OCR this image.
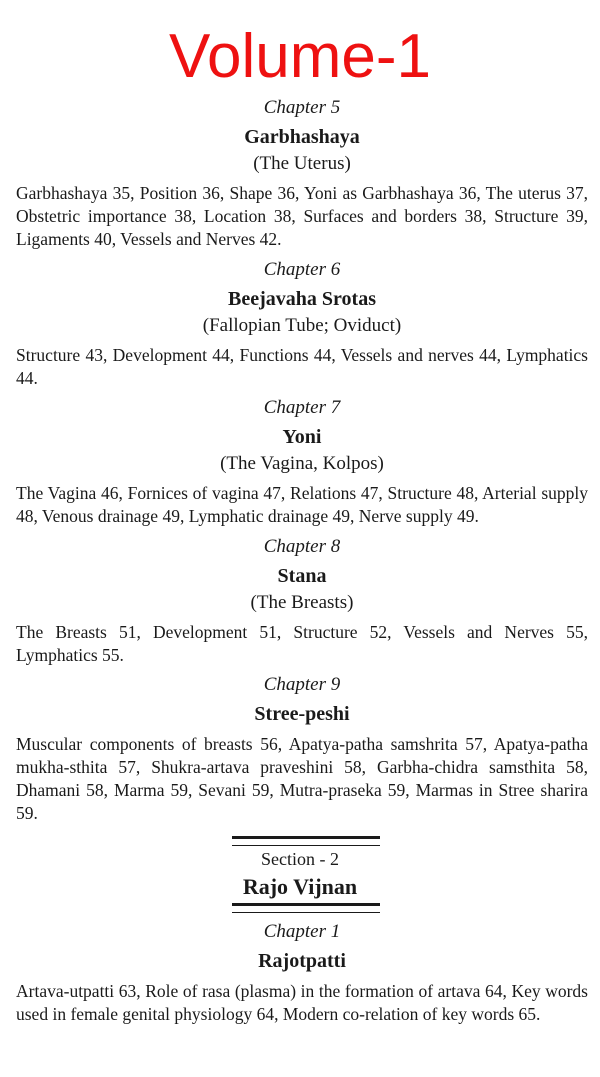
Volume-1
Chapter 5
Garbhashaya
(The Uterus)
Garbhashaya 35, Position 36, Shape 36, Yoni as Garbhashaya 36, The uterus 37, Obstetric importance 38, Location 38, Surfaces and borders 38, Structure 39, Ligaments 40, Vessels and Nerves 42.
Chapter 6
Beejavaha Srotas
(Fallopian Tube; Oviduct)
Structure 43, Development 44, Functions 44, Vessels and nerves 44, Lymphatics 44.
Chapter 7
Yoni
(The Vagina, Kolpos)
The Vagina 46, Fornices of vagina 47, Relations 47, Structure 48, Arterial supply 48, Venous drainage 49, Lymphatic drainage 49, Nerve supply 49.
Chapter 8
Stana
(The Breasts)
The Breasts 51, Development 51, Structure 52, Vessels and Nerves 55, Lymphatics 55.
Chapter 9
Stree-peshi
Muscular components of breasts 56, Apatya-patha samshrita 57, Apatya-patha mukha-sthita 57, Shukra-artava praveshini 58, Garbha-chidra samsthita 58, Dhamani 58, Marma 59, Sevani 59, Mutra-praseka 59, Marmas in Stree sharira 59.
Section - 2
Rajo Vijnan
Chapter 1
Rajotpatti
Artava-utpatti 63, Role of rasa (plasma) in the formation of artava 64, Key words used in female genital physiology 64, Modern co-relation of key words 65.
